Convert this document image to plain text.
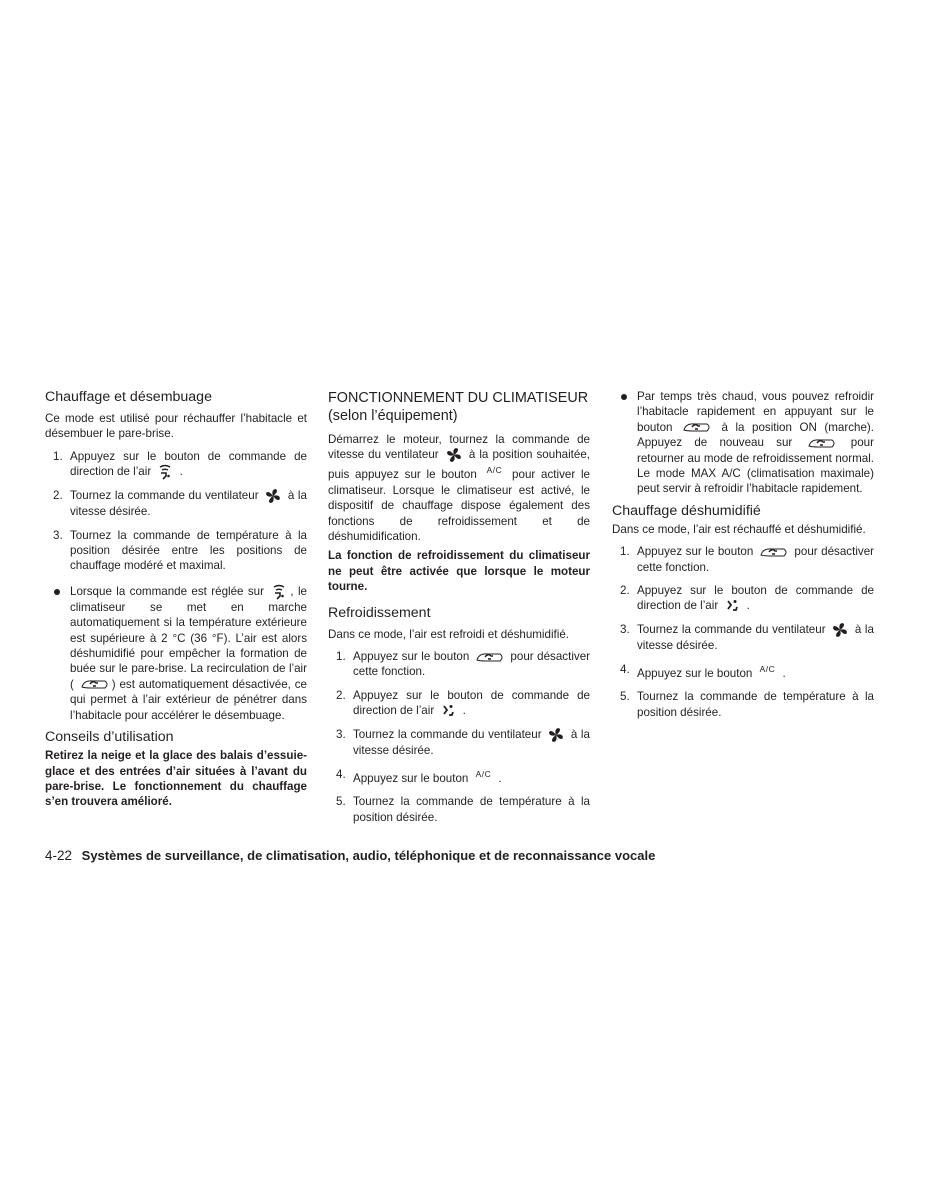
Chauffage et désembuage

Ce mode est utilisé pour réchauffer l’habitacle et désembuer le pare-brise.

1. Appuyez sur le bouton de commande de direction de l’air .
2. Tournez la commande du ventilateur	à la vitesse désirée.
3. Tournez la commande de température à la position désirée entre les positions de chauffage modéré et maximal.
Lorsque la commande est réglée sur , le climatiseur se met en marche automatiquement si la température extérieure est supérieure à 2 °C (36 °F). L’air est alors déshumidifié pour empêcher la formation de buée sur le pare-brise. La recirculation de l’air (	) est automatiquement désactivée, ce qui permet à l’air extérieur de pénétrer dans l’habitacle pour accélérer le désembuage.
Conseils d’utilisation

Retirez la neige et la glace des balais d’essuie-glace et des entrées d’air situées à l’avant du pare-brise. Le fonctionnement du chauffage s’en trouvera amélioré.

FONCTIONNEMENT DU CLIMATISEUR (selon l’équipement)

Démarrez le moteur, tournez la commande de vitesse du ventilateur	à la position souhaitée, puis appuyez sur le bouton A/C pour activer le climatiseur. Lorsque le climatiseur est activé, le dispositif de chauffage dispose également des fonctions de refroidissement et de déshumidification.

La fonction de refroidissement du climatiseur ne peut être activée que lorsque le moteur tourne.

Refroidissement

Dans ce mode, l’air est refroidi et déshumidifié.

1. Appuyez sur le bouton	pour désactiver cette fonction.
2. Appuyez sur le bouton de commande de direction de l’air .
3. Tournez la commande du ventilateur	à la vitesse désirée.
4. Appuyez sur le bouton A/C .
5. Tournez la commande de température à la position désirée.
Par temps très chaud, vous pouvez refroidir l’habitacle rapidement en appuyant sur le bouton	à la position ON (marche). Appuyez de nouveau sur	pour retourner au mode de refroidissement normal. Le mode MAX A/C (climatisation maximale) peut servir à refroidir l’habitacle rapidement.
Chauffage déshumidifié

Dans ce mode, l’air est réchauffé et déshumidifié.

1. Appuyez sur le bouton	pour désactiver cette fonction.
2. Appuyez sur le bouton de commande de direction de l’air .
3. Tournez la commande du ventilateur	à la vitesse désirée.
4. Appuyez sur le bouton A/C .
5. Tournez la commande de température à la position désirée.
4-22 Systèmes de surveillance, de climatisation, audio, téléphonique et de reconnaissance vocale
